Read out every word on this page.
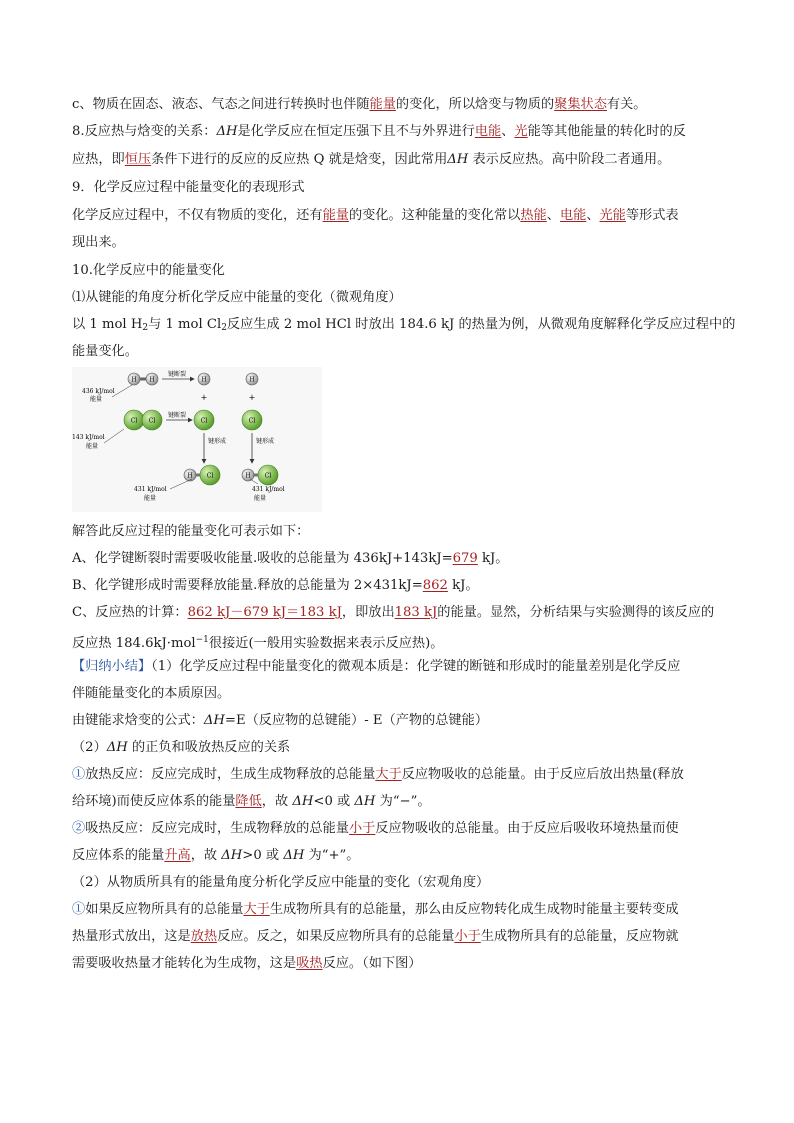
c、物质在固态、液态、气态之间进行转换时也伴随能量的变化，所以焓变与物质的聚集状态有关。
8.反应热与焓变的关系：ΔH是化学反应在恒定压强下且不与外界进行电能、光能等其他能量的转化时的反
应热，即恒压条件下进行的反应的反应热 Q 就是焓变，因此常用ΔH 表示反应热。高中阶段二者通用。
9．化学反应过程中能量变化的表现形式
化学反应过程中，不仅有物质的变化，还有能量的变化。这种能量的变化常以热能、电能、光能等形式表
现出来。
10.化学反应中的能量变化
⑴从键能的角度分析化学反应中能量的变化（微观角度）
以 1 mol $H_2$与 1 mol $Cl_2$反应生成 2 mol HCl 时放出 184.6 kJ 的热量为例，从微观角度解释化学反应过程中的
能量变化。
H H
键断裂
H	H
+	+
436 kJ/mol
能量
Cl Cl
键断裂
Cl	Cl
143 kJ/mol
能量
键形成	键形成
H Cl	H Cl
431 kJ/mol
能量
431 kJ/mol
能量
解答此反应过程的能量变化可表示如下：
A、化学键断裂时需要吸收能量.吸收的总能量为 436kJ+143kJ=679 kJ。
B、化学键形成时需要释放能量.释放的总能量为 2×431kJ=862 kJ。
C、反应热的计算：862 kJ－679 kJ＝183 kJ，即放出183 kJ的能量。显然，分析结果与实验测得的该反应的
反应热 184.6kJ·mol$^{-1}$很接近(一般用实验数据来表示反应热)。
【归纳小结】（1）化学反应过程中能量变化的微观本质是：化学键的断链和形成时的能量差别是化学反应
伴随能量变化的本质原因。
由键能求焓变的公式：ΔH=E（反应物的总键能）- E（产物的总键能）
（2）ΔH 的正负和吸放热反应的关系
①放热反应：反应完成时，生成生成物释放的总能量大于反应物吸收的总能量。由于反应后放出热量(释放
给环境)而使反应体系的能量降低，故 ΔH<0 或 ΔH 为“−”。
②吸热反应：反应完成时，生成物释放的总能量小于反应物吸收的总能量。由于反应后吸收环境热量而使
反应体系的能量升高，故 ΔH>0 或 ΔH 为“+”。
（2）从物质所具有的能量角度分析化学反应中能量的变化（宏观角度）
①如果反应物所具有的总能量大于生成物所具有的总能量，那么由反应物转化成生成物时能量主要转变成
热量形式放出，这是放热反应。反之，如果反应物所具有的总能量小于生成物所具有的总能量，反应物就
需要吸收热量才能转化为生成物，这是吸热反应。（如下图）
